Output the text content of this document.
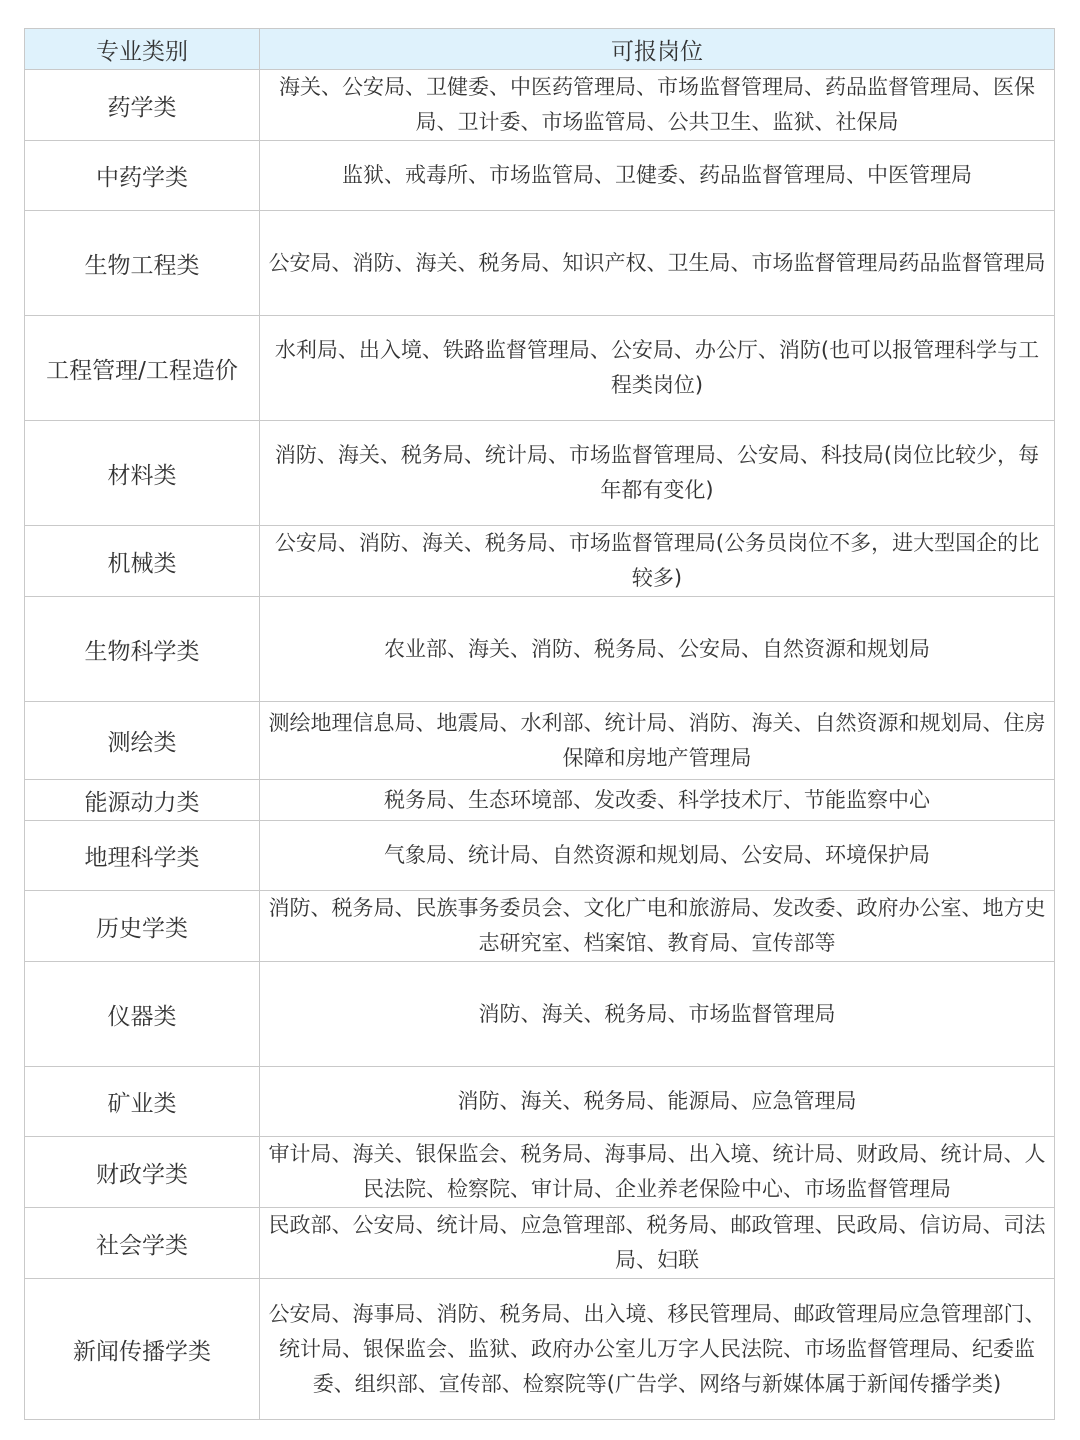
专业类别	可报岗位
药学类	海关、公安局、卫健委、中医药管理局、市场监督管理局、药品监督管理局、医保局、卫计委、市场监管局、公共卫生、监狱、社保局
中药学类	监狱、戒毒所、市场监管局、卫健委、药品监督管理局、中医管理局
生物工程类	公安局、消防、海关、税务局、知识产权、卫生局、市场监督管理局药品监督管理局
工程管理/工程造价	水利局、出入境、铁路监督管理局、公安局、办公厅、消防(也可以报管理科学与工程类岗位)
材料类	消防、海关、税务局、统计局、市场监督管理局、公安局、科技局(岗位比较少，每年都有变化)
机械类	公安局、消防、海关、税务局、市场监督管理局(公务员岗位不多，进大型国企的比较多)
生物科学类	农业部、海关、消防、税务局、公安局、自然资源和规划局
测绘类	测绘地理信息局、地震局、水利部、统计局、消防、海关、自然资源和规划局、住房保障和房地产管理局
能源动力类	税务局、生态环境部、发改委、科学技术厅、节能监察中心
地理科学类	气象局、统计局、自然资源和规划局、公安局、环境保护局
历史学类	消防、税务局、民族事务委员会、文化广电和旅游局、发改委、政府办公室、地方史志研究室、档案馆、教育局、宣传部等
仪器类	消防、海关、税务局、市场监督管理局
矿业类	消防、海关、税务局、能源局、应急管理局
财政学类	审计局、海关、银保监会、税务局、海事局、出入境、统计局、财政局、统计局、人民法院、检察院、审计局、企业养老保险中心、市场监督管理局
社会学类	民政部、公安局、统计局、应急管理部、税务局、邮政管理、民政局、信访局、司法局、妇联
新闻传播学类	公安局、海事局、消防、税务局、出入境、移民管理局、邮政管理局应急管理部门、统计局、银保监会、监狱、政府办公室儿万字人民法院、市场监督管理局、纪委监委、组织部、宣传部、检察院等(广告学、网络与新媒体属于新闻传播学类)
